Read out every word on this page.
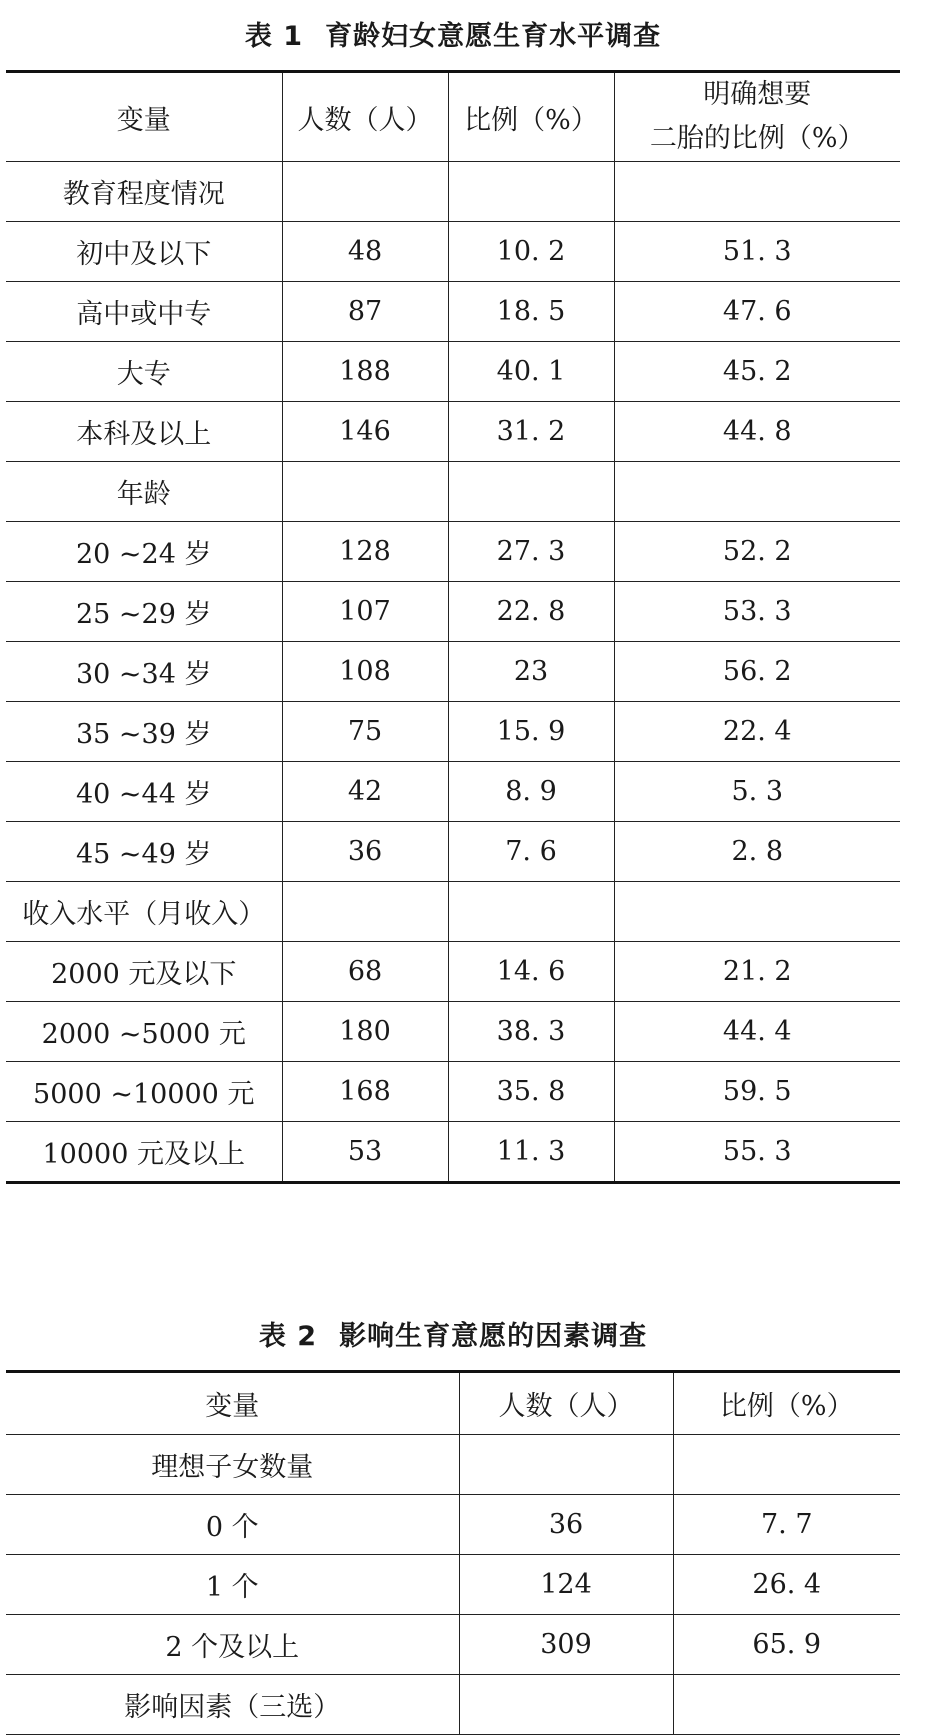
表 1 育龄妇女意愿生育水平调查
变量	人数（人）	比例（%）	明确想要
二胎的比例（%）

教育程度情况			
初中及以下	48	10. 2	51. 3
高中或中专	87	18. 5	47. 6
大专	188	40. 1	45. 2
本科及以上	146	31. 2	44. 8
年龄			
20 ~24 岁	128	27. 3	52. 2
25 ~29 岁	107	22. 8	53. 3
30 ~34 岁	108	23	56. 2
35 ~39 岁	75	15. 9	22. 4
40 ~44 岁	42	8. 9	5. 3
45 ~49 岁	36	7. 6	2. 8
收入水平（月收入）			
2000 元及以下	68	14. 6	21. 2
2000 ~5000 元	180	38. 3	44. 4
5000 ~10000 元	168	35. 8	59. 5
10000 元及以上	53	11. 3	55. 3
表 2 影响生育意愿的因素调查
变量	人数（人）	比例（%）
理想子女数量		
0 个	36	7. 7
1 个	124	26. 4
2 个及以上	309	65. 9
影响因素（三选）		
